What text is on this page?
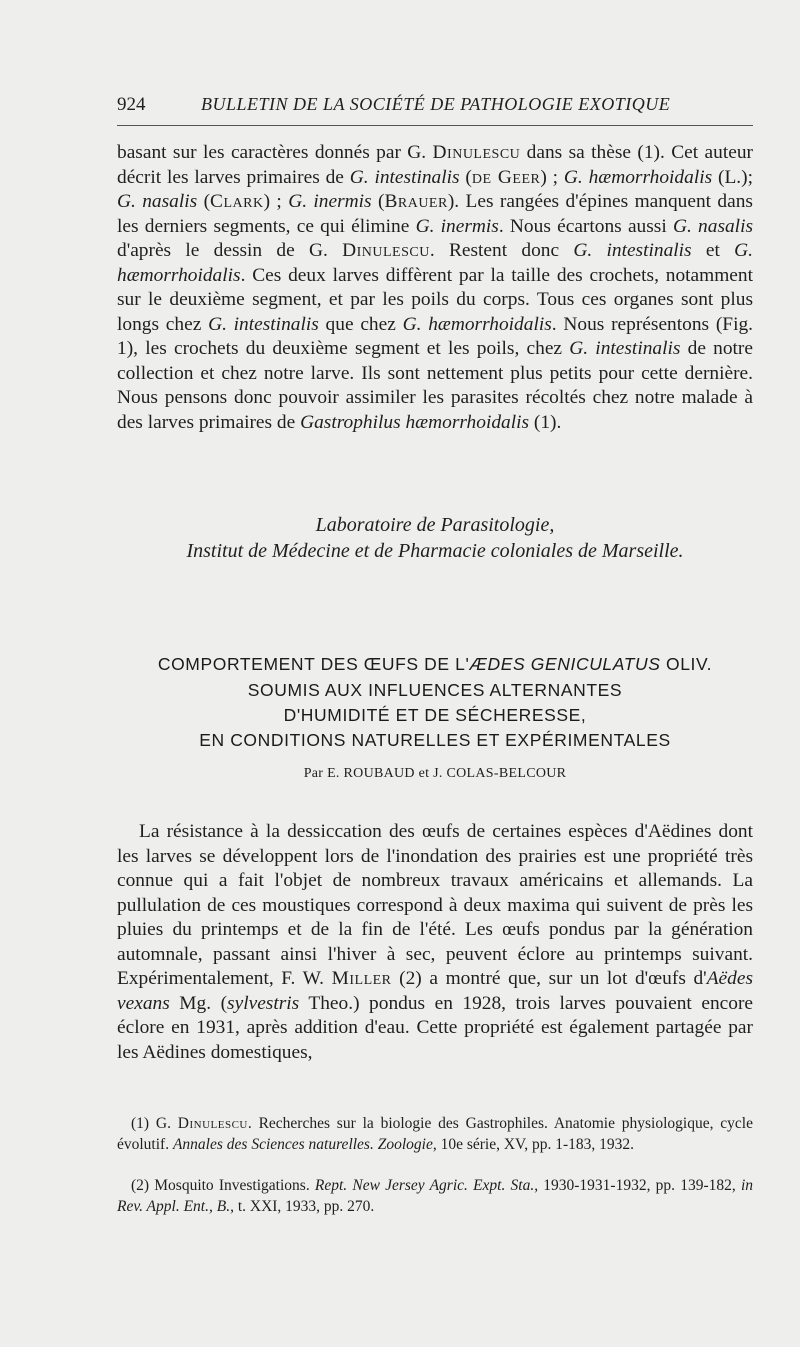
924	BULLETIN DE LA SOCIÉTÉ DE PATHOLOGIE EXOTIQUE

basant sur les caractères donnés par G. Dinulescu dans sa thèse (1). Cet auteur décrit les larves primaires de G. intestinalis (de Geer) ; G. hæmorrhoidalis (L.); G. nasalis (Clark) ; G. inermis (Brauer). Les rangées d'épines manquent dans les derniers segments, ce qui élimine G. inermis. Nous écartons aussi G. nasalis d'après le dessin de G. Dinulescu. Restent donc G. intestinalis et G. hæmorrhoidalis. Ces deux larves diffèrent par la taille des crochets, notamment sur le deuxième segment, et par les poils du corps. Tous ces organes sont plus longs chez G. intestinalis que chez G. hæmorrhoidalis. Nous représentons (Fig. 1), les crochets du deuxième segment et les poils, chez G. intestinalis de notre collection et chez notre larve. Ils sont nettement plus petits pour cette dernière. Nous pensons donc pouvoir assimiler les parasites récoltés chez notre malade à des larves primaires de Gastrophilus hæmorrhoidalis (1).

Laboratoire de Parasitologie,
Institut de Médecine et de Pharmacie coloniales de Marseille.
COMPORTEMENT DES ŒUFS DE L'ÆDES GENICULATUS OLIV.
SOUMIS AUX INFLUENCES ALTERNANTES
D'HUMIDITÉ ET DE SÉCHERESSE,
EN CONDITIONS NATURELLES ET EXPÉRIMENTALES
Par E. ROUBAUD et J. COLAS-BELCOUR

La résistance à la dessiccation des œufs de certaines espèces d'Aëdines dont les larves se développent lors de l'inondation des prairies est une propriété très connue qui a fait l'objet de nombreux travaux américains et allemands. La pullulation de ces moustiques correspond à deux maxima qui suivent de près les pluies du printemps et de la fin de l'été. Les œufs pondus par la génération automnale, passant ainsi l'hiver à sec, peuvent éclore au printemps suivant. Expérimentalement, F. W. Miller (2) a montré que, sur un lot d'œufs d'Aëdes vexans Mg. (sylvestris Theo.) pondus en 1928, trois larves pouvaient encore éclore en 1931, après addition d'eau. Cette propriété est également partagée par les Aëdines domestiques,

(1) G. Dinulescu. Recherches sur la biologie des Gastrophiles. Anatomie physiologique, cycle évolutif. Annales des Sciences naturelles. Zoologie, 10e série, XV, pp. 1-183, 1932.

(2) Mosquito Investigations. Rept. New Jersey Agric. Expt. Sta., 1930-1931-1932, pp. 139-182, in Rev. Appl. Ent., B., t. XXI, 1933, pp. 270.
